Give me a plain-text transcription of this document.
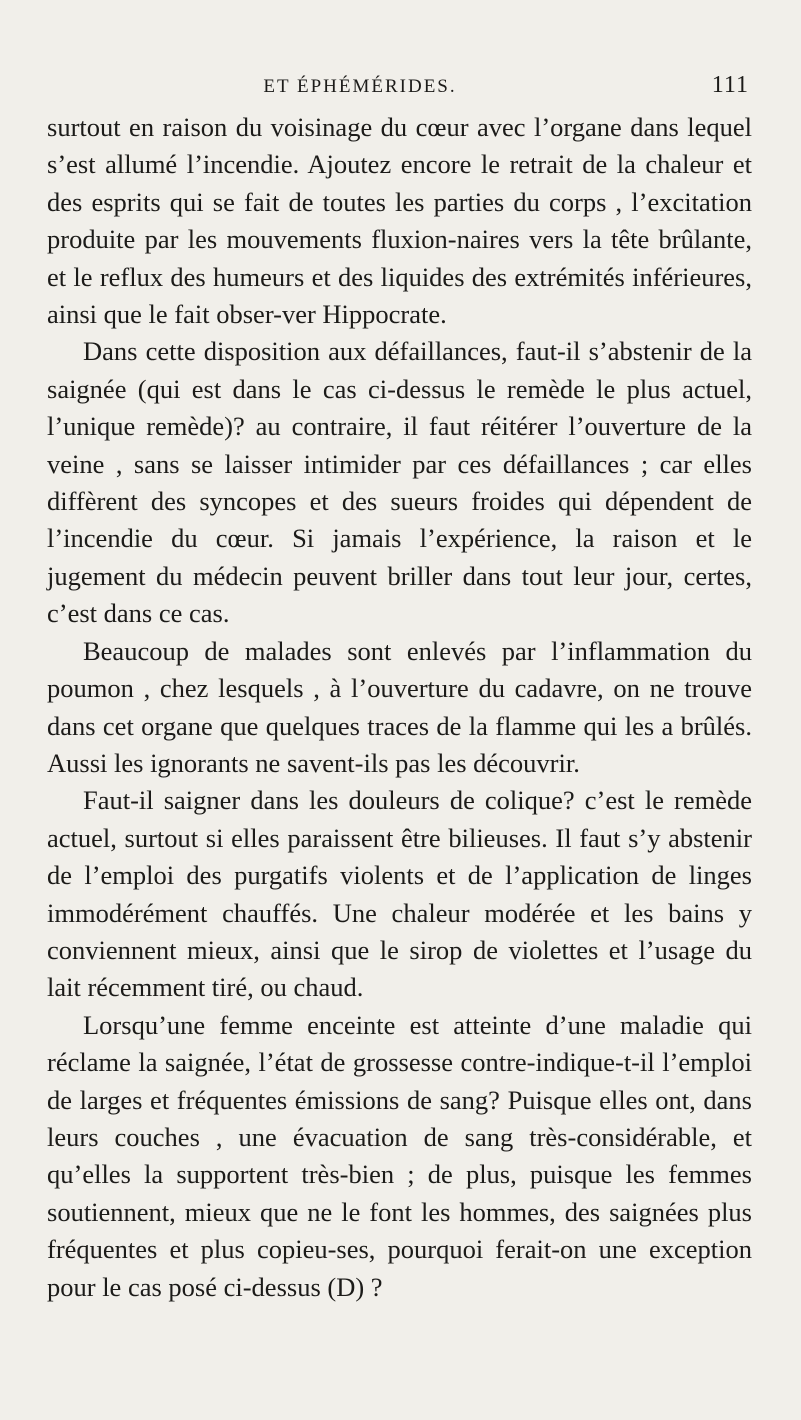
ET ÉPHÉMÉRIDES.	111

surtout en raison du voisinage du cœur avec l’organe dans lequel s’est allumé l’incendie. Ajoutez encore le retrait de la chaleur et des esprits qui se fait de toutes les parties du corps , l’excitation produite par les mouvements fluxion-naires vers la tête brûlante, et le reflux des humeurs et des liquides des extrémités inférieures, ainsi que le fait obser-ver Hippocrate.

Dans cette disposition aux défaillances, faut-il s’abstenir de la saignée (qui est dans le cas ci-dessus le remède le plus actuel, l’unique remède)? au contraire, il faut réitérer l’ouverture de la veine , sans se laisser intimider par ces défaillances ; car elles diffèrent des syncopes et des sueurs froides qui dépendent de l’incendie du cœur. Si jamais l’expérience, la raison et le jugement du médecin peuvent briller dans tout leur jour, certes, c’est dans ce cas.

Beaucoup de malades sont enlevés par l’inflammation du poumon , chez lesquels , à l’ouverture du cadavre, on ne trouve dans cet organe que quelques traces de la flamme qui les a brûlés. Aussi les ignorants ne savent-ils pas les découvrir.

Faut-il saigner dans les douleurs de colique? c’est le remède actuel, surtout si elles paraissent être bilieuses. Il faut s’y abstenir de l’emploi des purgatifs violents et de l’application de linges immodérément chauffés. Une chaleur modérée et les bains y conviennent mieux, ainsi que le sirop de violettes et l’usage du lait récemment tiré, ou chaud.

Lorsqu’une femme enceinte est atteinte d’une maladie qui réclame la saignée, l’état de grossesse contre-indique-t-il l’emploi de larges et fréquentes émissions de sang? Puisque elles ont, dans leurs couches , une évacuation de sang très-considérable, et qu’elles la supportent très-bien ; de plus, puisque les femmes soutiennent, mieux que ne le font les hommes, des saignées plus fréquentes et plus copieu-ses, pourquoi ferait-on une exception pour le cas posé ci-dessus (D) ?
